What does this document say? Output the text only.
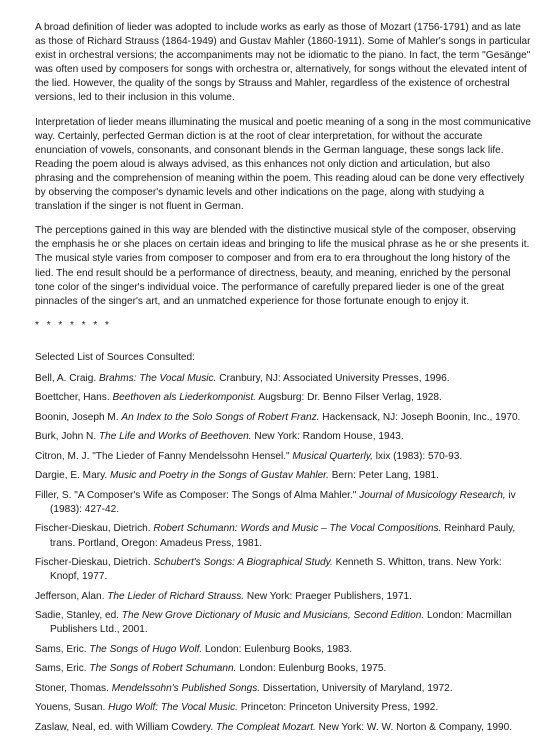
A broad definition of lieder was adopted to include works as early as those of Mozart (1756-1791) and as late as those of Richard Strauss (1864-1949) and Gustav Mahler (1860-1911). Some of Mahler's songs in particular exist in orchestral versions; the accompaniments may not be idiomatic to the piano. In fact, the term "Gesänge" was often used by composers for songs with orchestra or, alternatively, for songs without the elevated intent of the lied. However, the quality of the songs by Strauss and Mahler, regardless of the existence of orchestral versions, led to their inclusion in this volume.

Interpretation of lieder means illuminating the musical and poetic meaning of a song in the most communicative way. Certainly, perfected German diction is at the root of clear interpretation, for without the accurate enunciation of vowels, consonants, and consonant blends in the German language, these songs lack life. Reading the poem aloud is always advised, as this enhances not only diction and articulation, but also phrasing and the comprehension of meaning within the poem. This reading aloud can be done very effectively by observing the composer's dynamic levels and other indications on the page, along with studying a translation if the singer is not fluent in German.

The perceptions gained in this way are blended with the distinctive musical style of the composer, observing the emphasis he or she places on certain ideas and bringing to life the musical phrase as he or she presents it. The musical style varies from composer to composer and from era to era throughout the long history of the lied. The end result should be a performance of directness, beauty, and meaning, enriched by the personal tone color of the singer's individual voice. The performance of carefully prepared lieder is one of the great pinnacles of the singer's art, and an unmatched experience for those fortunate enough to enjoy it.

* * * * * * *
Selected List of Sources Consulted:
Bell, A. Craig. Brahms: The Vocal Music. Cranbury, NJ: Associated University Presses, 1996.
Boettcher, Hans. Beethoven als Liederkomponist. Augsburg: Dr. Benno Filser Verlag, 1928.
Boonin, Joseph M. An Index to the Solo Songs of Robert Franz. Hackensack, NJ: Joseph Boonin, Inc., 1970.
Burk, John N. The Life and Works of Beethoven. New York: Random House, 1943.
Citron, M. J. "The Lieder of Fanny Mendelssohn Hensel." Musical Quarterly, lxix (1983): 570-93.
Dargie, E. Mary. Music and Poetry in the Songs of Gustav Mahler. Bern: Peter Lang, 1981.
Filler, S. "A Composer's Wife as Composer: The Songs of Alma Mahler." Journal of Musicology Research, iv (1983): 427-42.
Fischer-Dieskau, Dietrich. Robert Schumann: Words and Music – The Vocal Compositions. Reinhard Pauly, trans. Portland, Oregon: Amadeus Press, 1981.
Fischer-Dieskau, Dietrich. Schubert's Songs: A Biographical Study. Kenneth S. Whitton, trans. New York: Knopf, 1977.
Jefferson, Alan. The Lieder of Richard Strauss. New York: Praeger Publishers, 1971.
Sadie, Stanley, ed. The New Grove Dictionary of Music and Musicians, Second Edition. London: Macmillan Publishers Ltd., 2001.
Sams, Eric. The Songs of Hugo Wolf. London: Eulenburg Books, 1983.
Sams, Eric. The Songs of Robert Schumann. London: Eulenburg Books, 1975.
Stoner, Thomas. Mendelssohn's Published Songs. Dissertation, University of Maryland, 1972.
Youens, Susan. Hugo Wolf: The Vocal Music. Princeton: Princeton University Press, 1992.
Zaslaw, Neal, ed. with William Cowdery. The Compleat Mozart. New York: W. W. Norton & Company, 1990.
